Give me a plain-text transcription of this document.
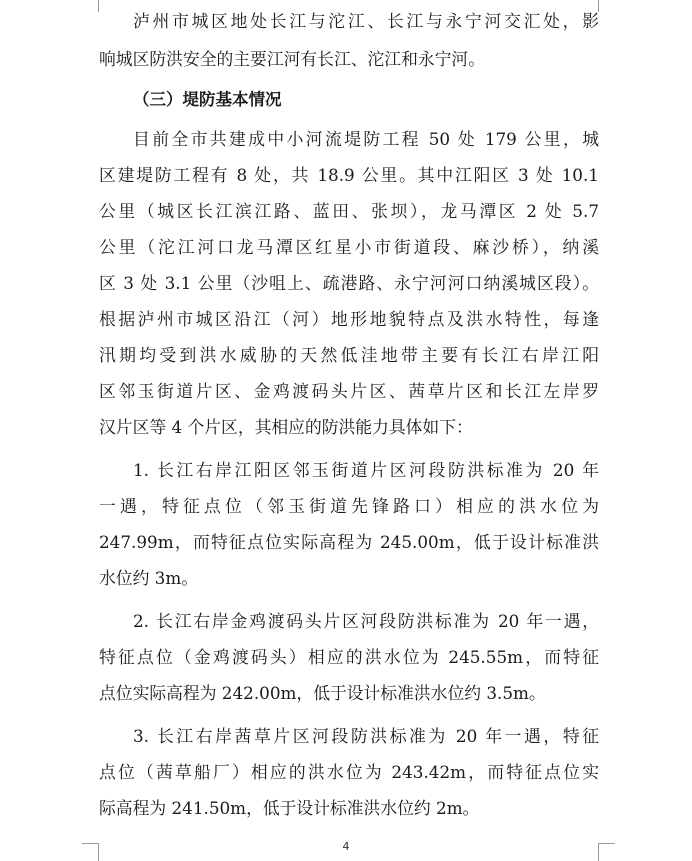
泸州市城区地处长江与沱江、长江与永宁河交汇处，影
响城区防洪安全的主要江河有长江、沱江和永宁河。
（三）堤防基本情况
目前全市共建成中小河流堤防工程 50 处 179 公里，城
区建堤防工程有 8 处，共 18.9 公里。其中江阳区 3 处 10.1
公里（城区长江滨江路、蓝田、张坝），龙马潭区 2 处 5.7
公里（沱江河口龙马潭区红星小市街道段、麻沙桥），纳溪
区 3 处 3.1 公里（沙咀上、疏港路、永宁河河口纳溪城区段）。
根据泸州市城区沿江（河）地形地貌特点及洪水特性，每逢
汛期均受到洪水威胁的天然低洼地带主要有长江右岸江阳
区邻玉街道片区、金鸡渡码头片区、茜草片区和长江左岸罗
汉片区等 4 个片区，其相应的防洪能力具体如下：
1. 长江右岸江阳区邻玉街道片区河段防洪标准为 20 年
一遇，特征点位（邻玉街道先锋路口）相应的洪水位为
247.99m，而特征点位实际高程为 245.00m，低于设计标准洪
水位约 3m。
2. 长江右岸金鸡渡码头片区河段防洪标准为 20 年一遇，
特征点位（金鸡渡码头）相应的洪水位为 245.55m，而特征
点位实际高程为 242.00m，低于设计标准洪水位约 3.5m。
3. 长江右岸茜草片区河段防洪标准为 20 年一遇，特征
点位（茜草船厂）相应的洪水位为 243.42m，而特征点位实
际高程为 241.50m，低于设计标准洪水位约 2m。
4
